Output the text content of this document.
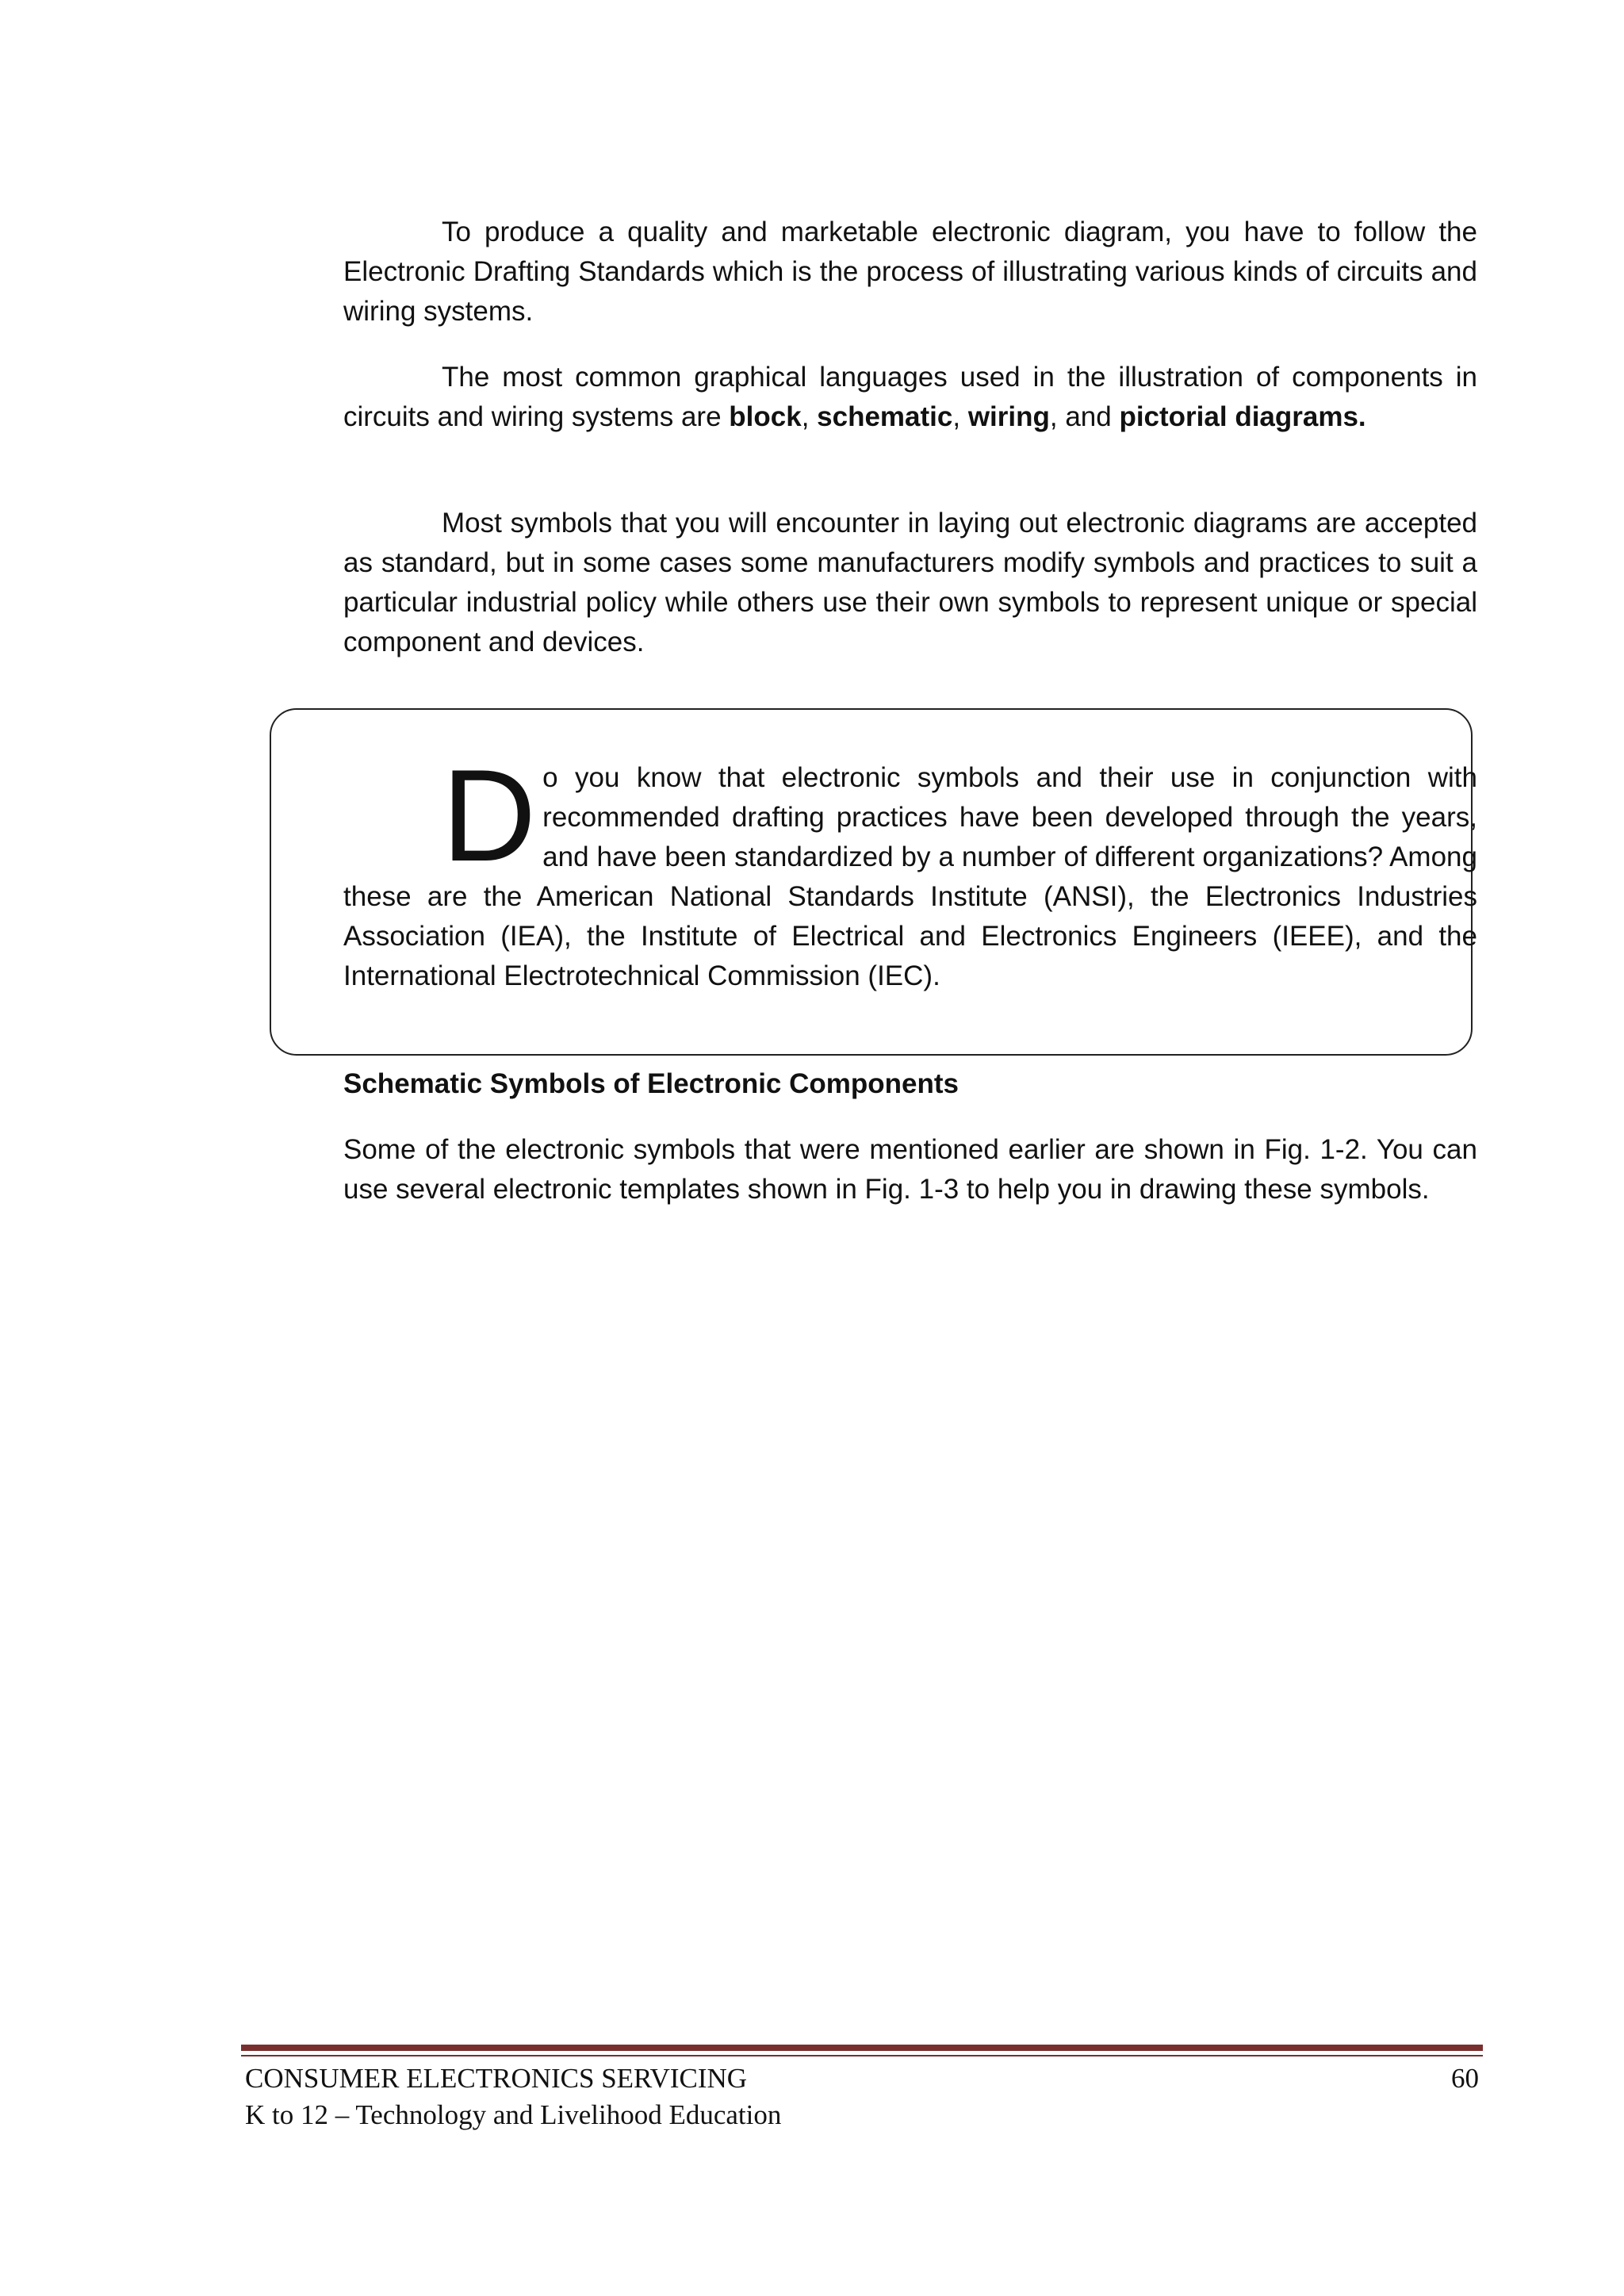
To produce a quality and marketable electronic diagram, you have to follow the Electronic Drafting Standards which is the process of illustrating various kinds of circuits and wiring systems.

The most common graphical languages used in the illustration of components in circuits and wiring systems are block, schematic, wiring, and pictorial diagrams.

Most symbols that you will encounter in laying out electronic diagrams are accepted as standard, but in some cases some manufacturers modify symbols and practices to suit a particular industrial policy while others use their own symbols to represent unique or special component and devices.

Do you know that electronic symbols and their use in conjunction with recommended drafting practices have been developed through the years, and have been standardized by a number of different organizations? Among these are the American National Standards Institute (ANSI), the Electronics Industries Association (IEA), the Institute of Electrical and Electronics Engineers (IEEE), and the International Electrotechnical Commission (IEC).

Schematic Symbols of Electronic Components

Some of the electronic symbols that were mentioned earlier are shown in Fig. 1-2. You can use several electronic templates shown in Fig. 1-3 to help you in drawing these symbols.

CONSUMER ELECTRONICS SERVICING	60
K to 12 – Technology and Livelihood Education
